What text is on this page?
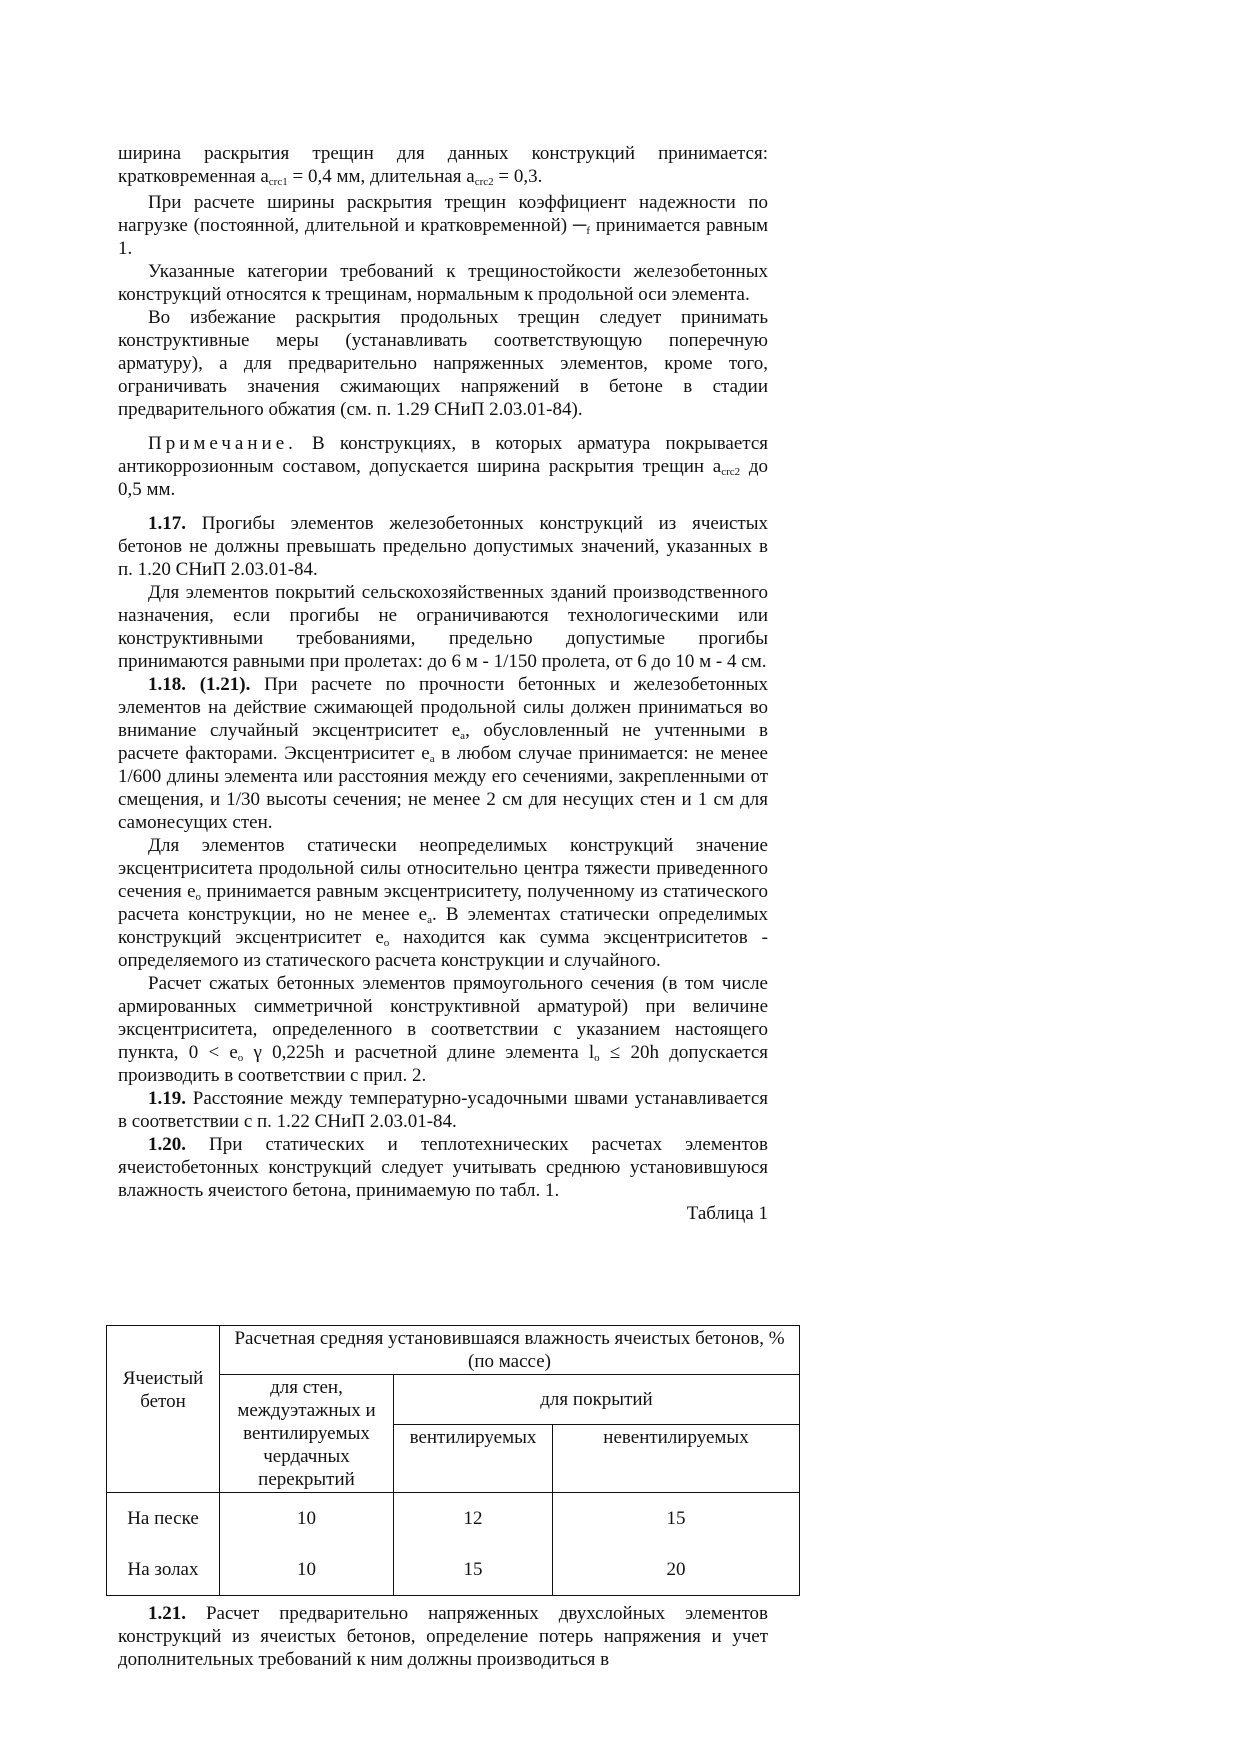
ширина раскрытия трещин для данных конструкций принимается: кратковременная $a_{crc1} = 0,4$ мм, длительная $a_{crc2} = 0,3$.

При расчете ширины раскрытия трещин коэффициент надежности по нагрузке (постоянной, длительной и кратковременной) $─_f$ принимается равным 1.

Указанные категории требований к трещиностойкости железобетонных конструкций относятся к трещинам, нормальным к продольной оси элемента.

Во избежание раскрытия продольных трещин следует принимать конструктивные меры (устанавливать соответствующую поперечную арматуру), а для предварительно напряженных элементов, кроме того, ограничивать значения сжимающих напряжений в бетоне в стадии предварительного обжатия (см. п. 1.29 СНиП 2.03.01-84).

Примечание. В конструкциях, в которых арматура покрывается антикоррозионным составом, допускается ширина раскрытия трещин $a_{crc2}$ до 0,5 мм.

1.17. Прогибы элементов железобетонных конструкций из ячеистых бетонов не должны превышать предельно допустимых значений, указанных в п. 1.20 СНиП 2.03.01-84.

Для элементов покрытий сельскохозяйственных зданий производственного назначения, если прогибы не ограничиваются технологическими или конструктивными требованиями, предельно допустимые прогибы принимаются равными при пролетах: до 6 м - 1/150 пролета, от 6 до 10 м - 4 см.

1.18. (1.21). При расчете по прочности бетонных и железобетонных элементов на действие сжимающей продольной силы должен приниматься во внимание случайный эксцентриситет $e_a$, обусловленный не учтенными в расчете факторами. Эксцентриситет $e_a$ в любом случае принимается: не менее 1/600 длины элемента или расстояния между его сечениями, закрепленными от смещения, и 1/30 высоты сечения; не менее 2 см для несущих стен и 1 см для самонесущих стен.

Для элементов статически неопределимых конструкций значение эксцентриситета продольной силы относительно центра тяжести приведенного сечения $e_o$ принимается равным эксцентриситету, полученному из статического расчета конструкции, но не менее $e_a$. В элементах статически определимых конструкций эксцентриситет $e_o$ находится как сумма эксцентриситетов - определяемого из статического расчета конструкции и случайного.

Расчет сжатых бетонных элементов прямоугольного сечения (в том числе армированных симметричной конструктивной арматурой) при величине эксцентриситета, определенного в соответствии с указанием настоящего пункта, $0 < e_o$ γ 0,225h и расчетной длине элемента $l_o \le 20h$ допускается производить в соответствии с прил. 2.

1.19. Расстояние между температурно-усадочными швами устанавливается в соответствии с п. 1.22 СНиП 2.03.01-84.

1.20. При статических и теплотехнических расчетах элементов ячеистобетонных конструкций следует учитывать среднюю установившуюся влажность ячеистого бетона, принимаемую по табл. 1.

Таблица 1

Ячеистый бетон	Расчетная средняя установившаяся влажность ячеистых бетонов, % (по массе)		
	для стен, междуэтажных и вентилируемых чердачных перекрытий	для покрытий	
		вентилируемых	невентилируемых
На песке	10	12	15
На золах	10	15	20

1.21. Расчет предварительно напряженных двухслойных элементов конструкций из ячеистых бетонов, определение потерь напряжения и учет дополнительных требований к ним должны производиться в
